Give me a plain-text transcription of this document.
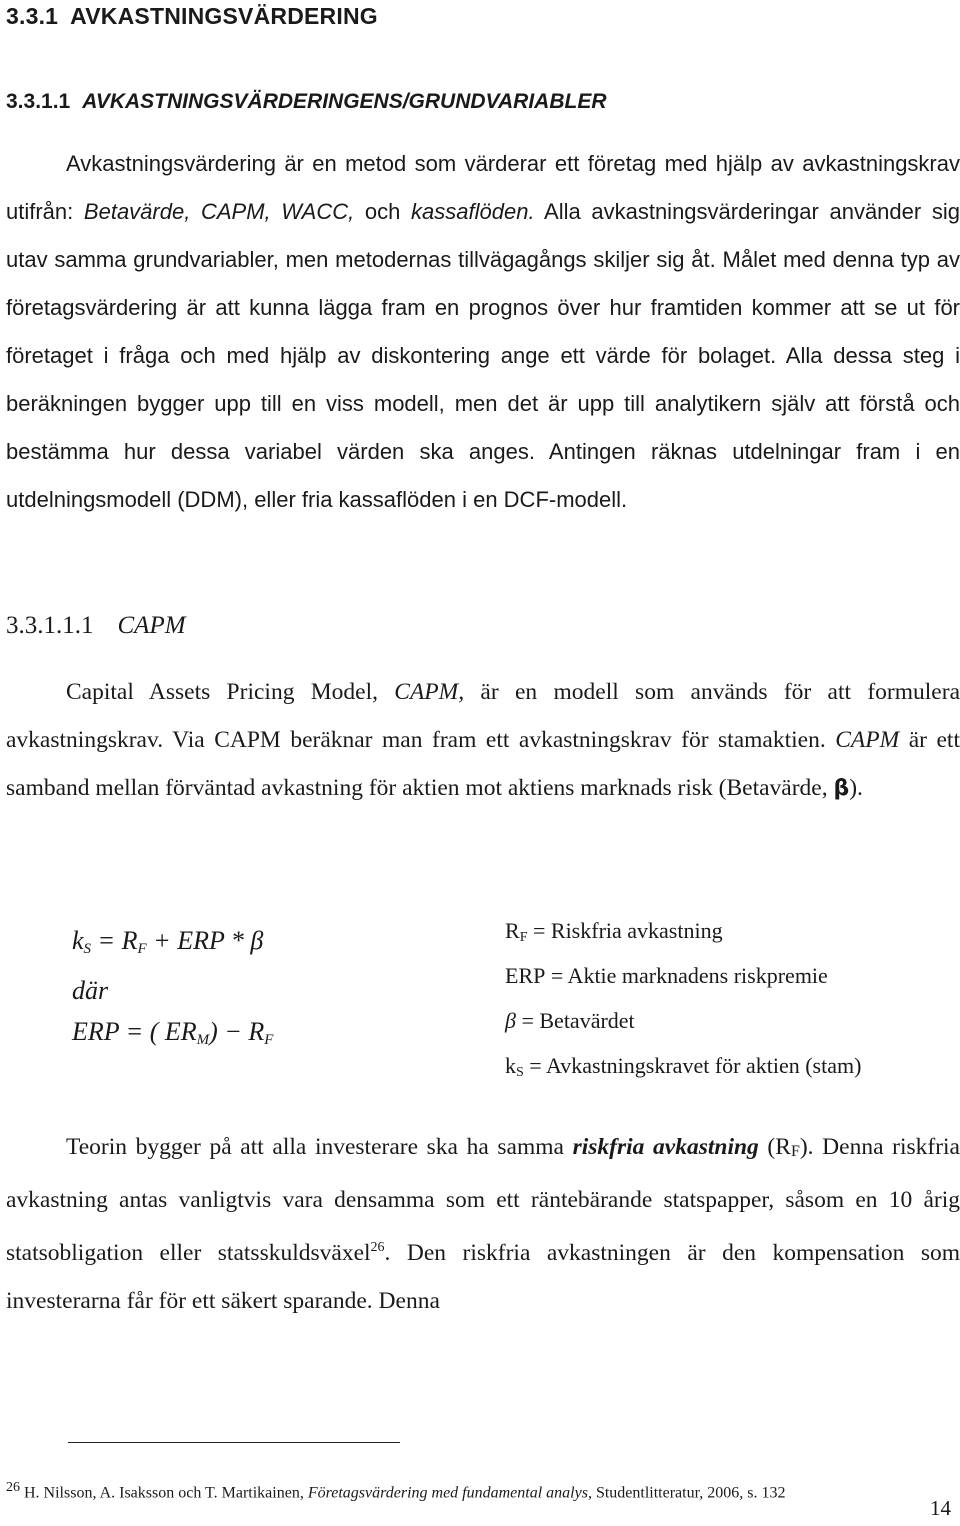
3.3.1 AVKASTNINGSVÄRDERING
3.3.1.1 AVKASTNINGSVÄRDERINGENS/GRUNDVARIABLER
Avkastningsvärdering är en metod som värderar ett företag med hjälp av avkastningskrav utifrån: Betavärde, CAPM, WACC, och kassaflöden. Alla avkastningsvärderingar använder sig utav samma grundvariabler, men metodernas tillvägagångs skiljer sig åt. Målet med denna typ av företagsvärdering är att kunna lägga fram en prognos över hur framtiden kommer att se ut för företaget i fråga och med hjälp av diskontering ange ett värde för bolaget. Alla dessa steg i beräkningen bygger upp till en viss modell, men det är upp till analytikern själv att förstå och bestämma hur dessa variabel värden ska anges. Antingen räknas utdelningar fram i en utdelningsmodell (DDM), eller fria kassaflöden i en DCF-modell.
3.3.1.1.1 CAPM
Capital Assets Pricing Model, CAPM, är en modell som används för att formulera avkastningskrav. Via CAPM beräknar man fram ett avkastningskrav för stamaktien. CAPM är ett samband mellan förväntad avkastning för aktien mot aktiens marknads risk (Betavärde, β).
$k_S = R_F$ + ERP * β
där
ERP = ( $ER_M) - R_F$
$R_F$ = Riskfria avkastning
ERP = Aktie marknadens riskpremie
β = Betavärdet
$k_S$ = Avkastningskravet för aktien (stam)
Teorin bygger på att alla investerare ska ha samma riskfria avkastning $(R_F)$. Denna riskfria avkastning antas vanligtvis vara densamma som ett räntebärande statspapper, såsom en 10 årig statsobligation eller statsskuldsväxel$^{26}$. Den riskfria avkastningen är den kompensation som investerarna får för ett säkert sparande. Denna
$^{26}$ H. Nilsson, A. Isaksson och T. Martikainen, Företagsvärdering med fundamental analys, Studentlitteratur, 2006, s. 132
14
